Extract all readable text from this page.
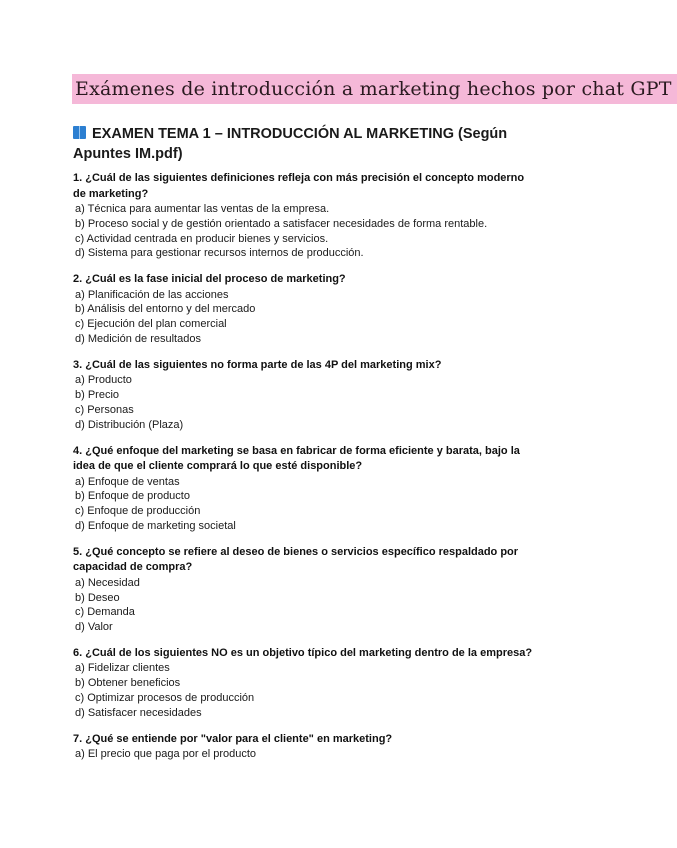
Exámenes de introducción a marketing hechos por chat GPT
EXAMEN TEMA 1 – INTRODUCCIÓN AL MARKETING (Según Apuntes IM.pdf)
1. ¿Cuál de las siguientes definiciones refleja con más precisión el concepto moderno de marketing?
a) Técnica para aumentar las ventas de la empresa.
b) Proceso social y de gestión orientado a satisfacer necesidades de forma rentable.
c) Actividad centrada en producir bienes y servicios.
d) Sistema para gestionar recursos internos de producción.
2. ¿Cuál es la fase inicial del proceso de marketing?
a) Planificación de las acciones
b) Análisis del entorno y del mercado
c) Ejecución del plan comercial
d) Medición de resultados
3. ¿Cuál de las siguientes no forma parte de las 4P del marketing mix?
a) Producto
b) Precio
c) Personas
d) Distribución (Plaza)
4. ¿Qué enfoque del marketing se basa en fabricar de forma eficiente y barata, bajo la idea de que el cliente comprará lo que esté disponible?
a) Enfoque de ventas
b) Enfoque de producto
c) Enfoque de producción
d) Enfoque de marketing societal
5. ¿Qué concepto se refiere al deseo de bienes o servicios específico respaldado por capacidad de compra?
a) Necesidad
b) Deseo
c) Demanda
d) Valor
6. ¿Cuál de los siguientes NO es un objetivo típico del marketing dentro de la empresa?
a) Fidelizar clientes
b) Obtener beneficios
c) Optimizar procesos de producción
d) Satisfacer necesidades
7. ¿Qué se entiende por "valor para el cliente" en marketing?
a) El precio que paga por el producto
